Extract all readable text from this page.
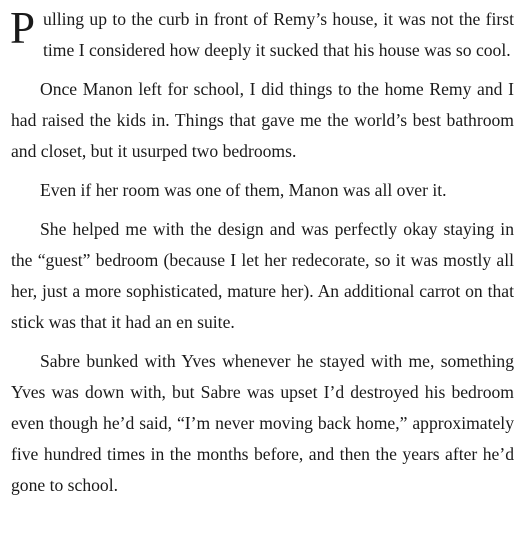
Pulling up to the curb in front of Remy’s house, it was not the first time I considered how deeply it sucked that his house was so cool.

Once Manon left for school, I did things to the home Remy and I had raised the kids in. Things that gave me the world’s best bathroom and closet, but it usurped two bedrooms.

Even if her room was one of them, Manon was all over it.

She helped me with the design and was perfectly okay staying in the “guest” bedroom (because I let her redecorate, so it was mostly all her, just a more sophisticated, mature her). An additional carrot on that stick was that it had an en suite.

Sabre bunked with Yves whenever he stayed with me, something Yves was down with, but Sabre was upset I’d destroyed his bedroom even though he’d said, “I’m never moving back home,” approximately five hundred times in the months before, and then the years after he’d gone to school.
